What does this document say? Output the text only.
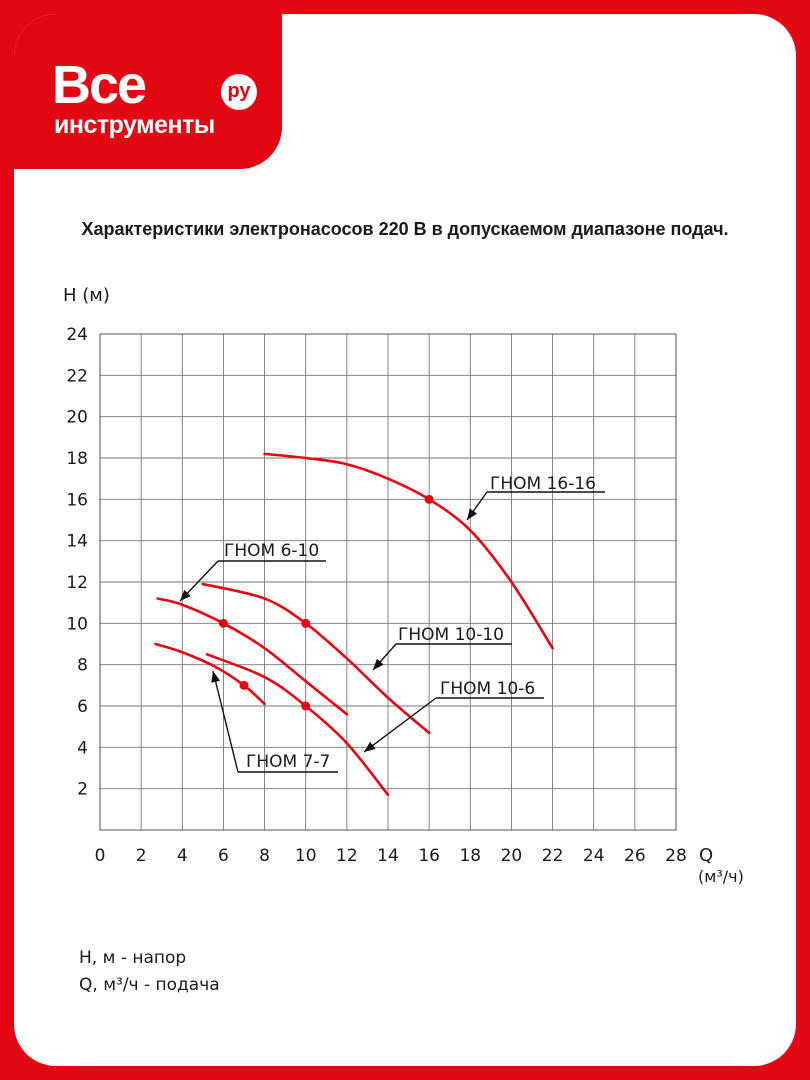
Все	ру
инструменты
Характеристики электронасосов 220 В в допускаемом диапазоне подач.
0 2 4 6 8 10 12 14 16 18 20 22 24 26 28
2
4
6
8
10
12
14
16
18
20
22
24
H (м)
Q
(м³/ч)
ГНОМ 16-16
ГНОМ 6-10
ГНОМ 10-10
ГНОМ 10-6
ГНОМ 7-7
H, м - напор
Q, м³/ч - подача
